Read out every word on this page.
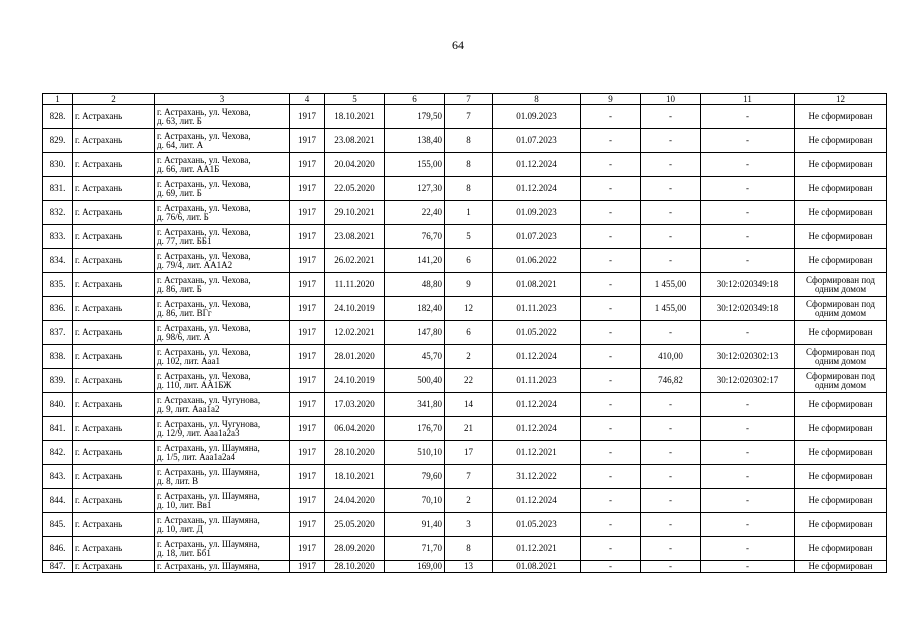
64
1	2	3	4	5	6	7	8	9	10	11	12
828.	г. Астрахань	г. Астрахань, ул. Чехова,
д. 63, лит. Б	1917	18.10.2021	179,50	7	01.09.2023	-	-	-	Не сформирован
829.	г. Астрахань	г. Астрахань, ул. Чехова,
д. 64, лит. А	1917	23.08.2021	138,40	8	01.07.2023	-	-	-	Не сформирован
830.	г. Астрахань	г. Астрахань, ул. Чехова,
д. 66, лит. АА1Б	1917	20.04.2020	155,00	8	01.12.2024	-	-	-	Не сформирован
831.	г. Астрахань	г. Астрахань, ул. Чехова,
д. 69, лит. Б	1917	22.05.2020	127,30	8	01.12.2024	-	-	-	Не сформирован
832.	г. Астрахань	г. Астрахань, ул. Чехова,
д. 76/6, лит. Б	1917	29.10.2021	22,40	1	01.09.2023	-	-	-	Не сформирован
833.	г. Астрахань	г. Астрахань, ул. Чехова,
д. 77, лит. ББ1	1917	23.08.2021	76,70	5	01.07.2023	-	-	-	Не сформирован
834.	г. Астрахань	г. Астрахань, ул. Чехова,
д. 79/4, лит. АА1А2	1917	26.02.2021	141,20	6	01.06.2022	-	-	-	Не сформирован
835.	г. Астрахань	г. Астрахань, ул. Чехова,
д. 86, лит. Б	1917	11.11.2020	48,80	9	01.08.2021	-	1 455,00	30:12:020349:18	Сформирован под одним домом
836.	г. Астрахань	г. Астрахань, ул. Чехова,
д. 86, лит. ВГг	1917	24.10.2019	182,40	12	01.11.2023	-	1 455,00	30:12:020349:18	Сформирован под одним домом
837.	г. Астрахань	г. Астрахань, ул. Чехова,
д. 98/6, лит. А	1917	12.02.2021	147,80	6	01.05.2022	-	-	-	Не сформирован
838.	г. Астрахань	г. Астрахань, ул. Чехова,
д. 102, лит. Ааа1	1917	28.01.2020	45,70	2	01.12.2024	-	410,00	30:12:020302:13	Сформирован под одним домом
839.	г. Астрахань	г. Астрахань, ул. Чехова,
д. 110, лит. АА1БЖ	1917	24.10.2019	500,40	22	01.11.2023	-	746,82	30:12:020302:17	Сформирован под одним домом
840.	г. Астрахань	г. Астрахань, ул. Чугунова,
д. 9, лит. Ааа1а2	1917	17.03.2020	341,80	14	01.12.2024	-	-	-	Не сформирован
841.	г. Астрахань	г. Астрахань, ул. Чугунова,
д. 12/9, лит. Ааа1а2а3	1917	06.04.2020	176,70	21	01.12.2024	-	-	-	Не сформирован
842.	г. Астрахань	г. Астрахань, ул. Шаумяна,
д. 1/5, лит. Ааа1а2а4	1917	28.10.2020	510,10	17	01.12.2021	-	-	-	Не сформирован
843.	г. Астрахань	г. Астрахань, ул. Шаумяна,
д. 8, лит. В	1917	18.10.2021	79,60	7	31.12.2022	-	-	-	Не сформирован
844.	г. Астрахань	г. Астрахань, ул. Шаумяна,
д. 10, лит. Вв1	1917	24.04.2020	70,10	2	01.12.2024	-	-	-	Не сформирован
845.	г. Астрахань	г. Астрахань, ул. Шаумяна,
д. 10, лит. Д	1917	25.05.2020	91,40	3	01.05.2023	-	-	-	Не сформирован
846.	г. Астрахань	г. Астрахань, ул. Шаумяна,
д. 18, лит. Бб1	1917	28.09.2020	71,70	8	01.12.2021	-	-	-	Не сформирован
847.	г. Астрахань	г. Астрахань, ул. Шаумяна,	1917	28.10.2020	169,00	13	01.08.2021	-	-	-	Не сформирован
